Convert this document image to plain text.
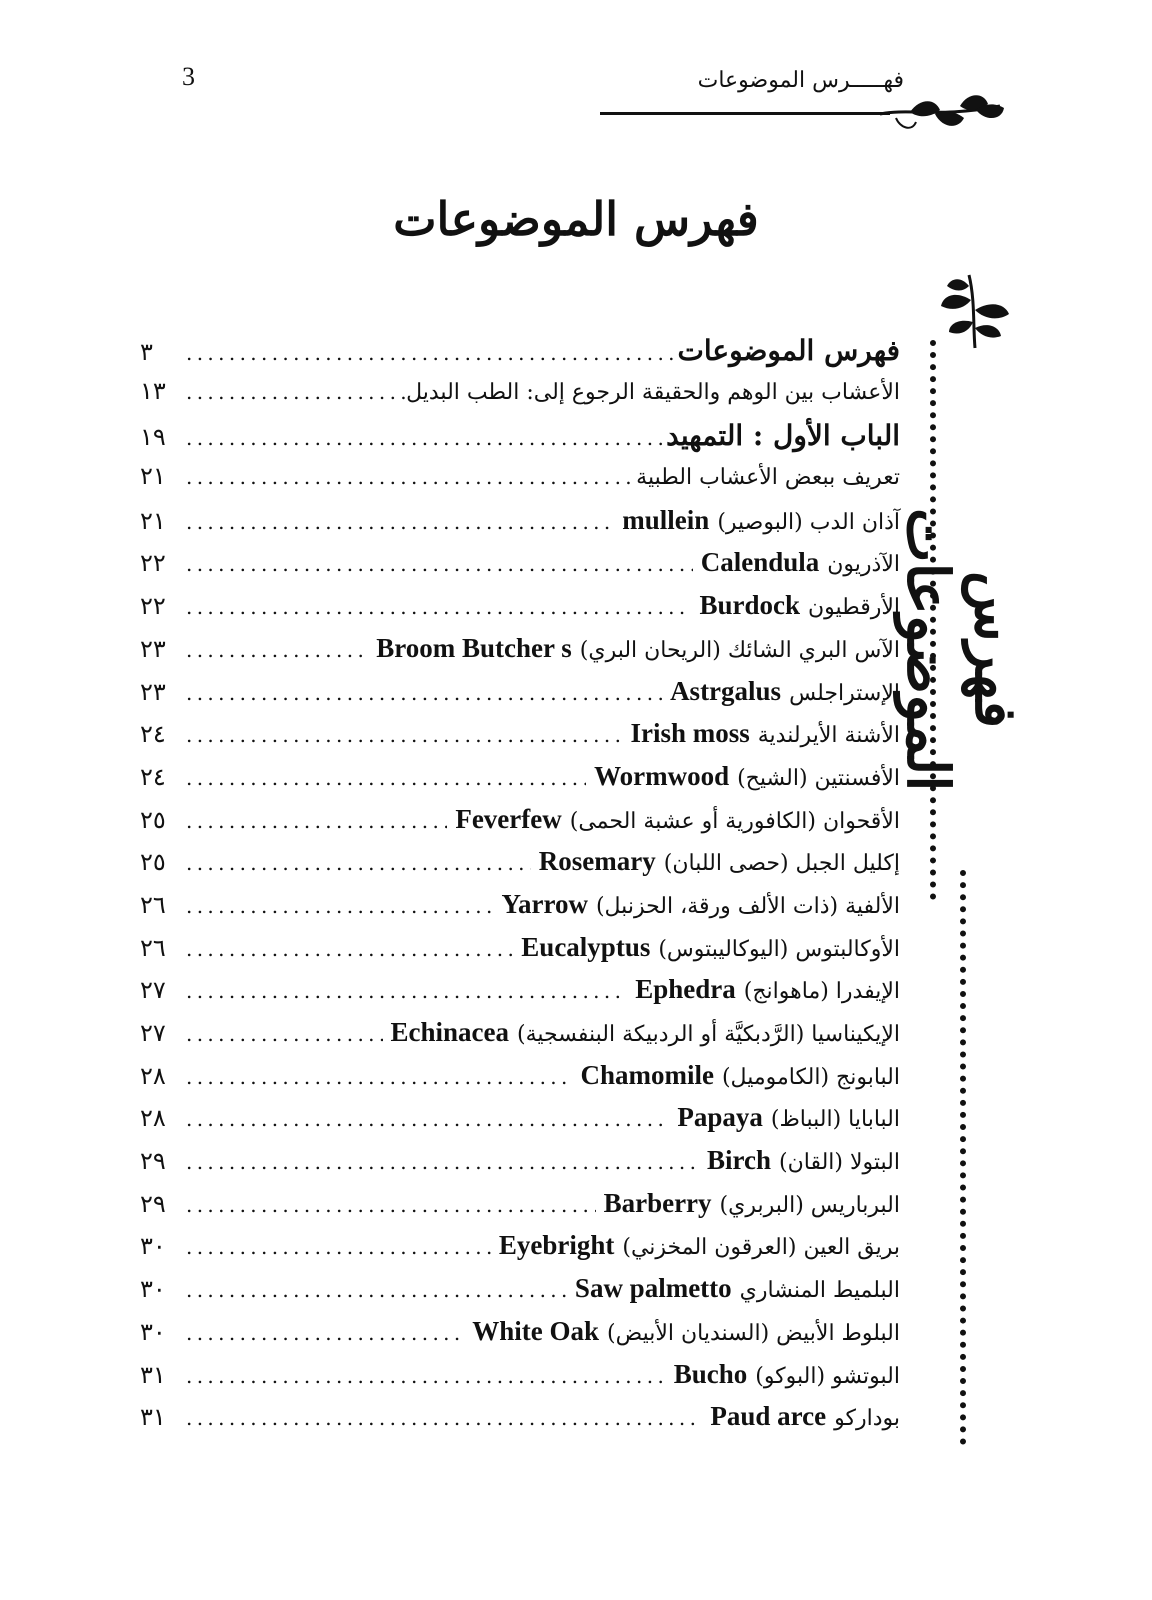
3	فهـــــرس الموضوعات
فهرس الموضوعات
فهرس الموضوعات
فهرس الموضوعات
. . .
٣
الأعشاب بين الوهم والحقيقة الرجوع إلى: الطب البديل
. . .
١٣
الباب الأول : التمهيد
. . .
١٩
تعريف ببعض الأعشاب الطبية
. . .
٢١
آذان الدب (البوصير)
mullein
. . .
٢١
الآذريون
Calendula
. . .
٢٢
الأرقطيون
Burdock
. . .
٢٢
الآس البري الشائك (الريحان البري)
Broom Butcher s
. . .
٢٣
الإستراجلس
Astrgalus
. . .
٢٣
الأشنة الأيرلندية
Irish moss
. . .
٢٤
الأفسنتين (الشيح)
Wormwood
. . .
٢٤
الأقحوان (الكافورية أو عشبة الحمى)
Feverfew
. . .
٢٥
إكليل الجبل (حصى اللبان)
Rosemary
. . .
٢٥
الألفية (ذات الألف ورقة، الحزنبل)
Yarrow
. . .
٢٦
الأوكالبتوس (اليوكاليبتوس)
Eucalyptus
. . .
٢٦
الإيفدرا (ماهوانج)
Ephedra
. . .
٢٧
الإيكيناسيا (الرَّدبكيَّة أو الردبيكة البنفسجية)
Echinacea
. . .
٢٧
البابونج (الكاموميل)
Chamomile
. . .
٢٨
البابايا (البباظ)
Papaya
. . .
٢٨
البتولا (القان)
Birch
. . .
٢٩
البرباريس (البربري)
Barberry
. . .
٢٩
بريق العين (العرقون المخزني)
Eyebright
. . .
٣٠
البلميط المنشاري
Saw palmetto
. . .
٣٠
البلوط الأبيض (السنديان الأبيض)
White Oak
. . .
٣٠
البوتشو (البوكو)
Bucho
. . .
٣١
بوداركو
Paud arce
. . .
٣١
